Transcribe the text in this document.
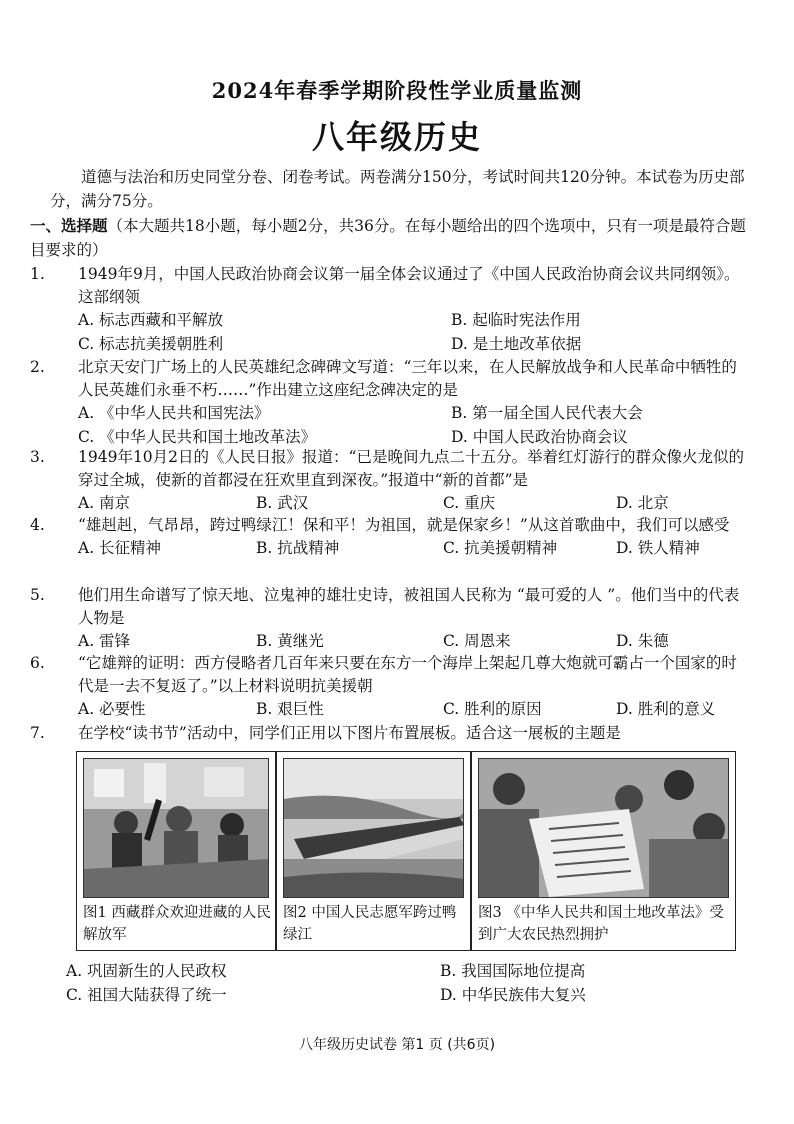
2024年春季学期阶段性学业质量监测
八年级历史
道德与法治和历史同堂分卷、闭卷考试。两卷满分150分，考试时间共120分钟。本试卷为历史部分，满分75分。
一、选择题（本大题共18小题，每小题2分，共36分。在每小题给出的四个选项中，只有一项是最符合题目要求的）
1.	1949年9月，中国人民政治协商会议第一届全体会议通过了《中国人民政治协商会议共同纲领》。这部纲领
A. 标志西藏和平解放	B. 起临时宪法作用
C. 标志抗美援朝胜利	D. 是土地改革依据
2.	北京天安门广场上的人民英雄纪念碑碑文写道：“三年以来，在人民解放战争和人民革命中牺牲的人民英雄们永垂不朽……”作出建立这座纪念碑决定的是
A. 《中华人民共和国宪法》	B. 第一届全国人民代表大会
C. 《中华人民共和国土地改革法》	D. 中国人民政治协商会议
3.	1949年10月2日的《人民日报》报道：“已是晚间九点二十五分。举着红灯游行的群众像火龙似的穿过全城，使新的首都浸在狂欢里直到深夜。”报道中“新的首都”是
A. 南京	B. 武汉	C. 重庆	D. 北京
4.	“雄赳赳，气昂昂，跨过鸭绿江！保和平！为祖国，就是保家乡！”从这首歌曲中，我们可以感受
A. 长征精神	B. 抗战精神	C. 抗美援朝精神	D. 铁人精神
5.	他们用生命谱写了惊天地、泣鬼神的雄壮史诗，被祖国人民称为 “最可爱的人 ”。他们当中的代表人物是
A. 雷锋	B. 黄继光	C. 周恩来	D. 朱德
6.	“它雄辩的证明：西方侵略者几百年来只要在东方一个海岸上架起几尊大炮就可霸占一个国家的时代是一去不复返了。”以上材料说明抗美援朝
A. 必要性	B. 艰巨性	C. 胜利的原因	D. 胜利的意义
7.	在学校“读书节”活动中，同学们正用以下图片布置展板。适合这一展板的主题是
图1 西藏群众欢迎进藏的人民解放军
图2 中国人民志愿军跨过鸭绿江
图3 《中华人民共和国土地改革法》受到广大农民热烈拥护
A. 巩固新生的人民政权	B. 我国国际地位提高
C. 祖国大陆获得了统一	D. 中华民族伟大复兴
八年级历史试卷 第1 页 (共6页)
